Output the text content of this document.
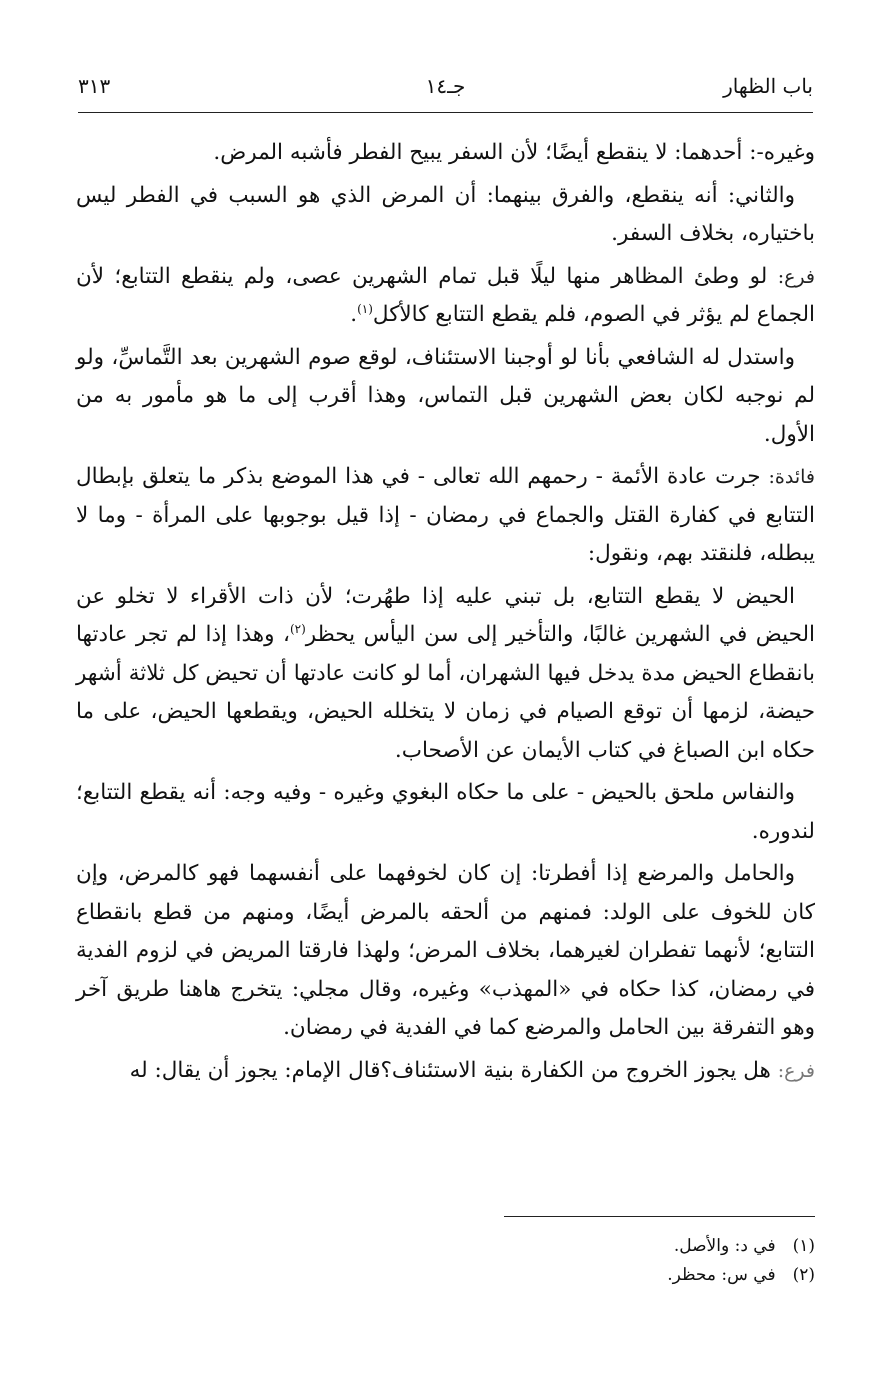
باب الظهار
جـ١٤
٣١٣

وغيره-: أحدهما: لا ينقطع أيضًا؛ لأن السفر يبيح الفطر فأشبه المرض.

والثاني: أنه ينقطع، والفرق بينهما: أن المرض الذي هو السبب في الفطر ليس باختياره، بخلاف السفر.

فرع: لو وطئ المظاهر منها ليلًا قبل تمام الشهرين عصى، ولم ينقطع التتابع؛ لأن الجماع لم يؤثر في الصوم، فلم يقطع التتابع كالأكل$^{(١)}$.

واستدل له الشافعي بأنا لو أوجبنا الاستئناف، لوقع صوم الشهرين بعد التَّماسِّ، ولو لم نوجبه لكان بعض الشهرين قبل التماس، وهذا أقرب إلى ما هو مأمور به من الأول.

فائدة: جرت عادة الأئمة - رحمهم الله تعالى - في هذا الموضع بذكر ما يتعلق بإبطال التتابع في كفارة القتل والجماع في رمضان - إذا قيل بوجوبها على المرأة - وما لا يبطله، فلنقتد بهم، ونقول:

الحيض لا يقطع التتابع، بل تبني عليه إذا طهُرت؛ لأن ذات الأقراء لا تخلو عن الحيض في الشهرين غالبًا، والتأخير إلى سن اليأس يحظر$^{(٢)}$، وهذا إذا لم تجر عادتها بانقطاع الحيض مدة يدخل فيها الشهران، أما لو كانت عادتها أن تحيض كل ثلاثة أشهر حيضة، لزمها أن توقع الصيام في زمان لا يتخلله الحيض، ويقطعها الحيض، على ما حكاه ابن الصباغ في كتاب الأيمان عن الأصحاب.

والنفاس ملحق بالحيض - على ما حكاه البغوي وغيره - وفيه وجه: أنه يقطع التتابع؛ لندوره.

والحامل والمرضع إذا أفطرتا: إن كان لخوفهما على أنفسهما فهو كالمرض، وإن كان للخوف على الولد: فمنهم من ألحقه بالمرض أيضًا، ومنهم من قطع بانقطاع التتابع؛ لأنهما تفطران لغيرهما، بخلاف المرض؛ ولهذا فارقتا المريض في لزوم الفدية في رمضان، كذا حكاه في «المهذب» وغيره، وقال مجلي: يتخرج هاهنا طريق آخر وهو التفرقة بين الحامل والمرضع كما في الفدية في رمضان.

فرع: هل يجوز الخروج من الكفارة بنية الاستئناف؟قال الإمام: يجوز أن يقال: له

(١) في د: والأصل.
(٢) في س: محظر.
